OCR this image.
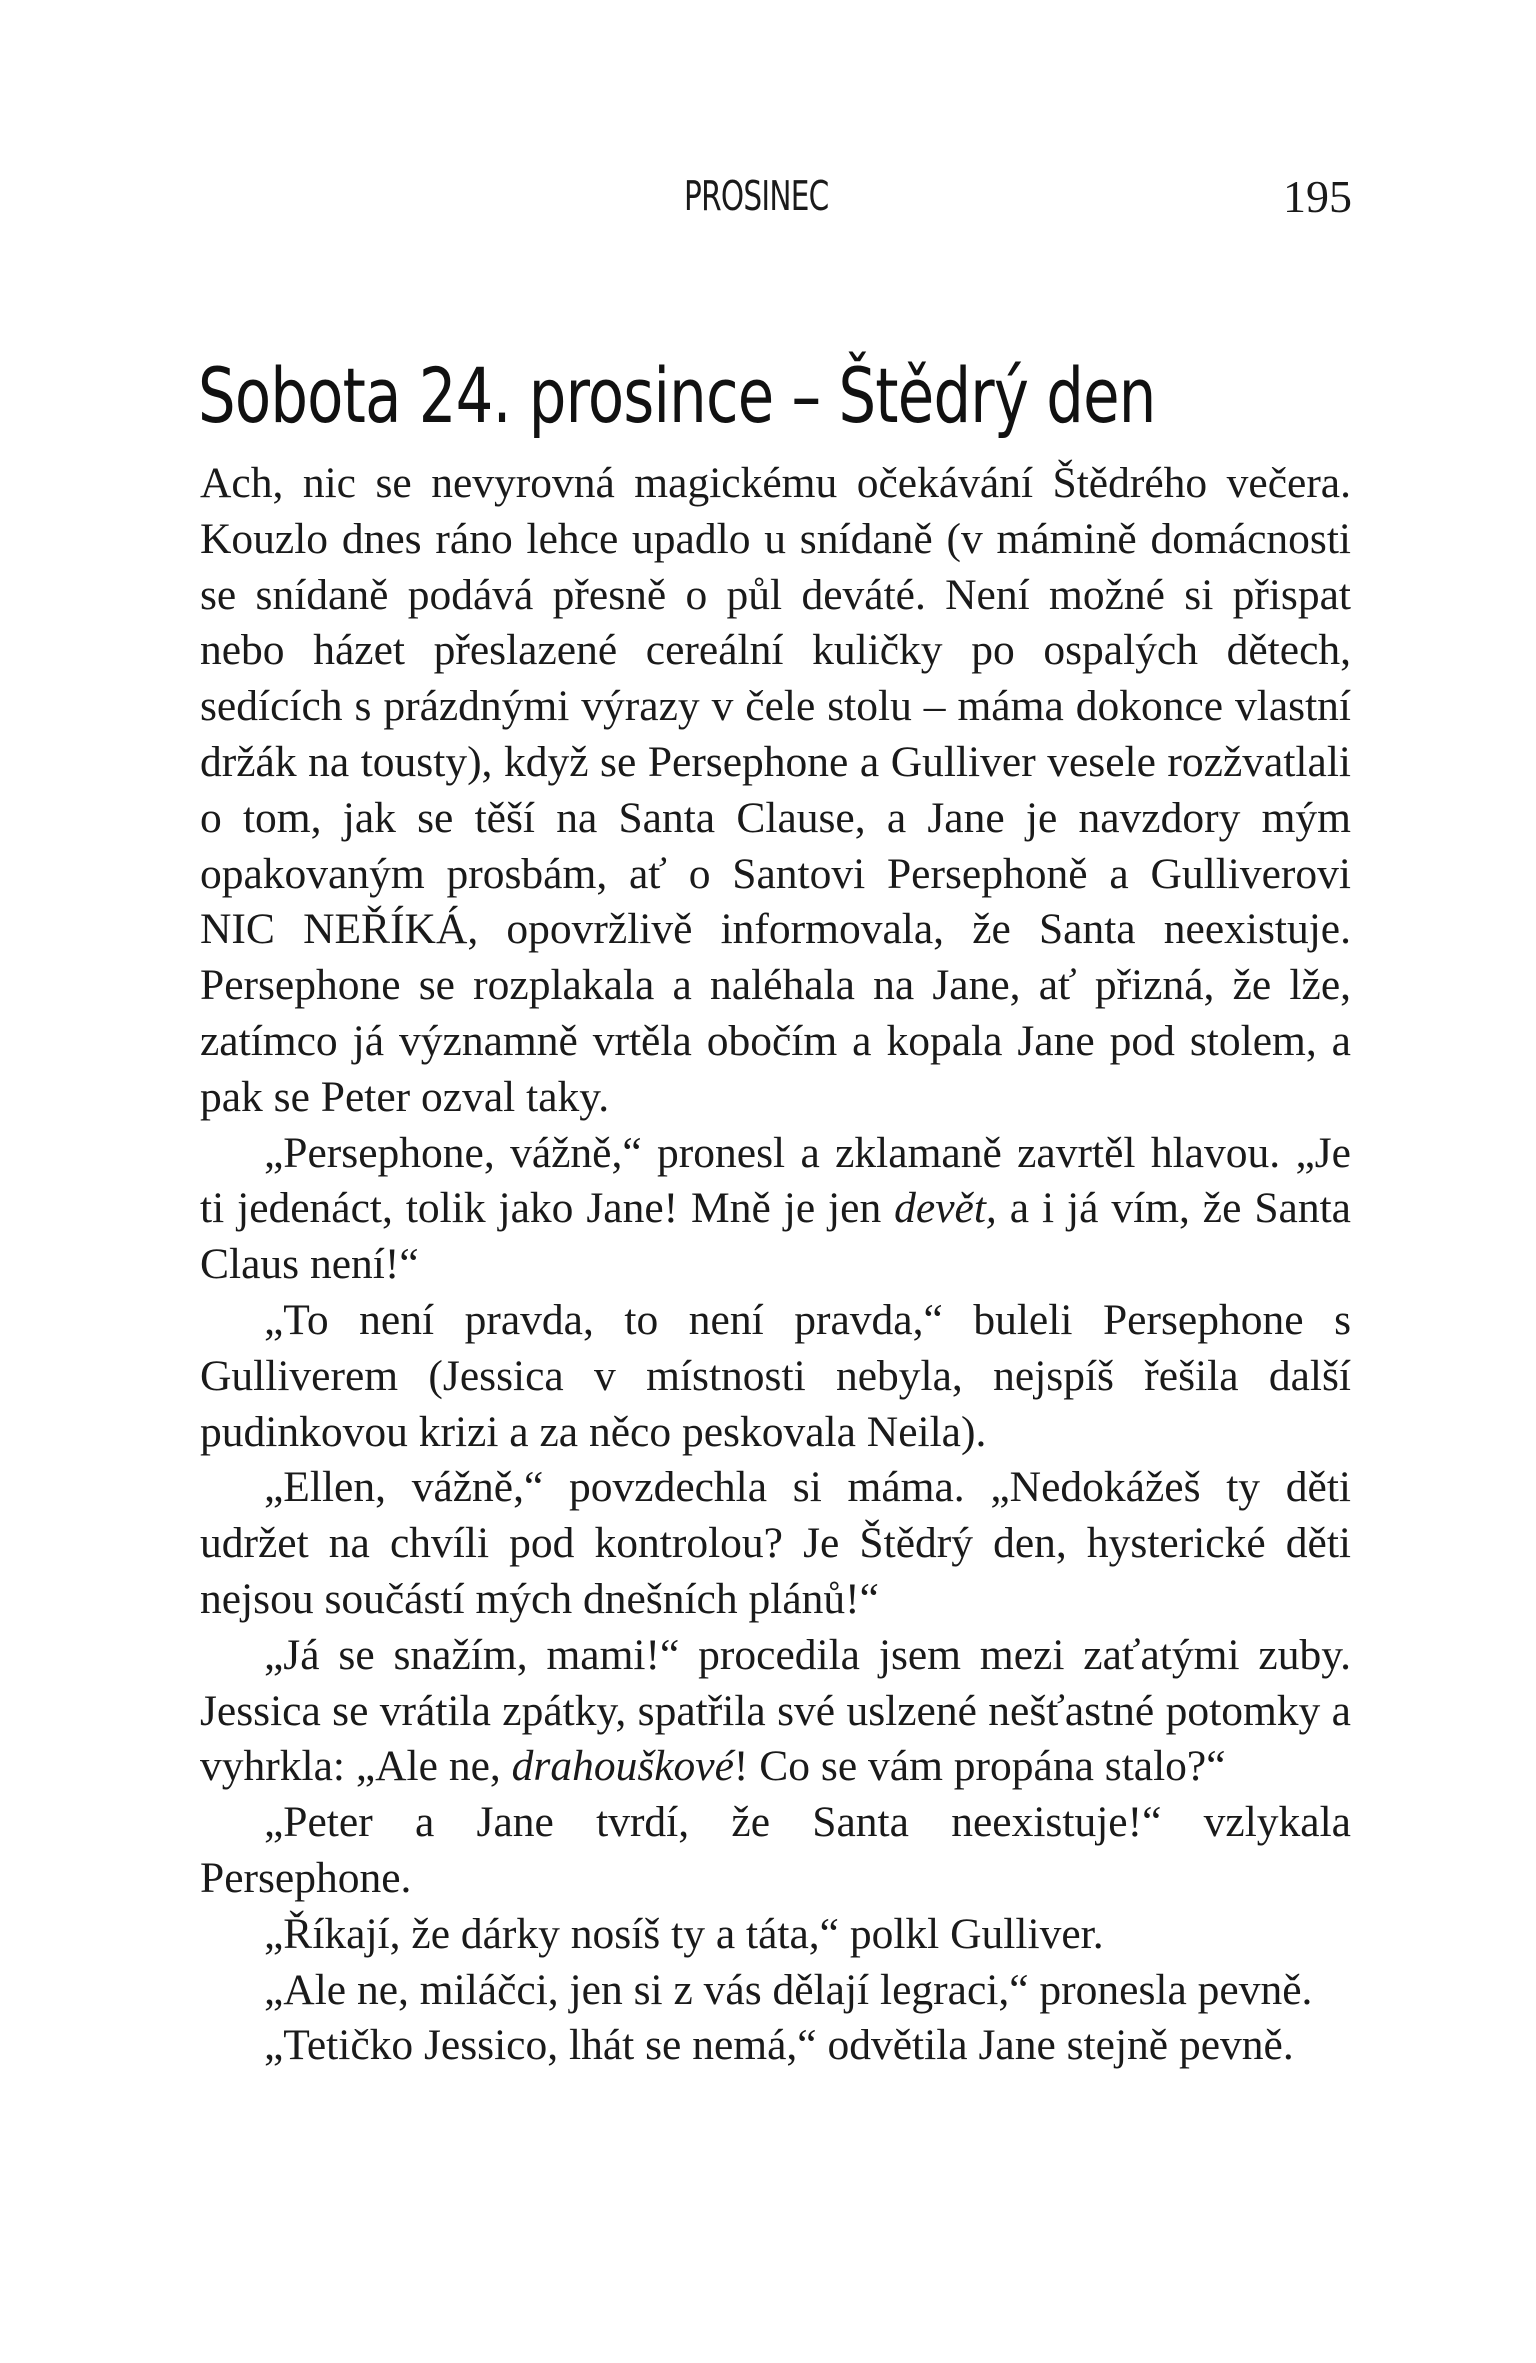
PROSINEC	195
Sobota 24. prosince – Štědrý den

Ach, nic se nevyrovná magickému očekávání Štědrého večera. Kouzlo dnes ráno lehce upadlo u snídaně (v mámině domácnosti se snídaně podává přesně o půl deváté. Není možné si přispat nebo házet přeslazené cereální kuličky po ospalých dětech, sedících s prázdnými výrazy v čele stolu – máma dokonce vlastní držák na tousty), když se Persephone a Gulliver vesele rozžvatlali o tom, jak se těší na Santa Clause, a Jane je navzdory mým opakovaným prosbám, ať o Santovi Persephoně a Gulliverovi NIC NEŘÍKÁ, opovržlivě informovala, že Santa neexistuje. Persephone se rozplakala a naléhala na Jane, ať přizná, že lže, zatímco já významně vrtěla obočím a kopala Jane pod stolem, a pak se Peter ozval taky.

„Persephone, vážně,“ pronesl a zklamaně zavrtěl hlavou. „Je ti jedenáct, tolik jako Jane! Mně je jen devět, a i já vím, že Santa Claus není!“

„To není pravda, to není pravda,“ buleli Persephone s Gulliverem (Jessica v místnosti nebyla, nejspíš řešila další pudinkovou krizi a za něco peskovala Neila).

„Ellen, vážně,“ povzdechla si máma. „Nedokážeš ty děti udržet na chvíli pod kontrolou? Je Štědrý den, hysterické děti nejsou součástí mých dnešních plánů!“

„Já se snažím, mami!“ procedila jsem mezi zaťatými zuby. Jessica se vrátila zpátky, spatřila své uslzené nešťastné potomky a vyhrkla: „Ale ne, drahouškové! Co se vám propána stalo?“

„Peter a Jane tvrdí, že Santa neexistuje!“ vzlykala Persephone.

„Říkají, že dárky nosíš ty a táta,“ polkl Gulliver.

„Ale ne, miláčci, jen si z vás dělají legraci,“ pronesla pevně.

„Tetičko Jessico, lhát se nemá,“ odvětila Jane stejně pevně.
